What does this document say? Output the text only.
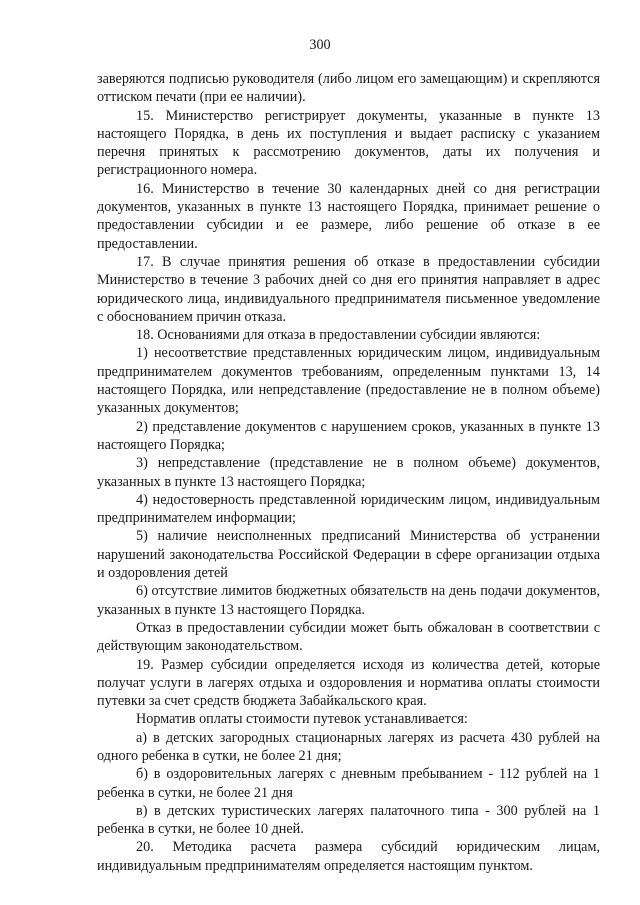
300

заверяются подписью руководителя (либо лицом его замещающим) и скрепляются оттиском печати (при ее наличии).

15. Министерство регистрирует документы, указанные в пункте 13 настоящего Порядка, в день их поступления и выдает расписку с указанием перечня принятых к рассмотрению документов, даты их получения и регистрационного номера.

16. Министерство в течение 30 календарных дней со дня регистрации документов, указанных в пункте 13 настоящего Порядка, принимает решение о предоставлении субсидии и ее размере, либо решение об отказе в ее предоставлении.

17. В случае принятия решения об отказе в предоставлении субсидии Министерство в течение 3 рабочих дней со дня его принятия направляет в адрес юридического лица, индивидуального предпринимателя письменное уведомление с обоснованием причин отказа.

18. Основаниями для отказа в предоставлении субсидии являются:

1) несоответствие представленных юридическим лицом, индивидуальным предпринимателем документов требованиям, определенным пунктами 13, 14 настоящего Порядка, или непредставление (предоставление не в полном объеме) указанных документов;

2) представление документов с нарушением сроков, указанных в пункте 13 настоящего Порядка;

3) непредставление (представление не в полном объеме) документов, указанных в пункте 13 настоящего Порядка;

4) недостоверность представленной юридическим лицом, индивидуальным предпринимателем информации;

5) наличие неисполненных предписаний Министерства об устранении нарушений законодательства Российской Федерации в сфере организации отдыха и оздоровления детей

6) отсутствие лимитов бюджетных обязательств на день подачи документов, указанных в пункте 13 настоящего Порядка.

Отказ в предоставлении субсидии может быть обжалован в соответствии с действующим законодательством.

19. Размер субсидии определяется исходя из количества детей, которые получат услуги в лагерях отдыха и оздоровления и норматива оплаты стоимости путевки за счет средств бюджета Забайкальского края.

Норматив оплаты стоимости путевок устанавливается:

а) в детских загородных стационарных лагерях из расчета 430 рублей на одного ребенка в сутки, не более 21 дня;

б) в оздоровительных лагерях с дневным пребыванием - 112 рублей на 1 ребенка в сутки, не более 21 дня

в) в детских туристических лагерях палаточного типа - 300 рублей на 1 ребенка в сутки, не более 10 дней.

20. Методика расчета размера субсидий юридическим лицам, индивидуальным предпринимателям определяется настоящим пунктом.
